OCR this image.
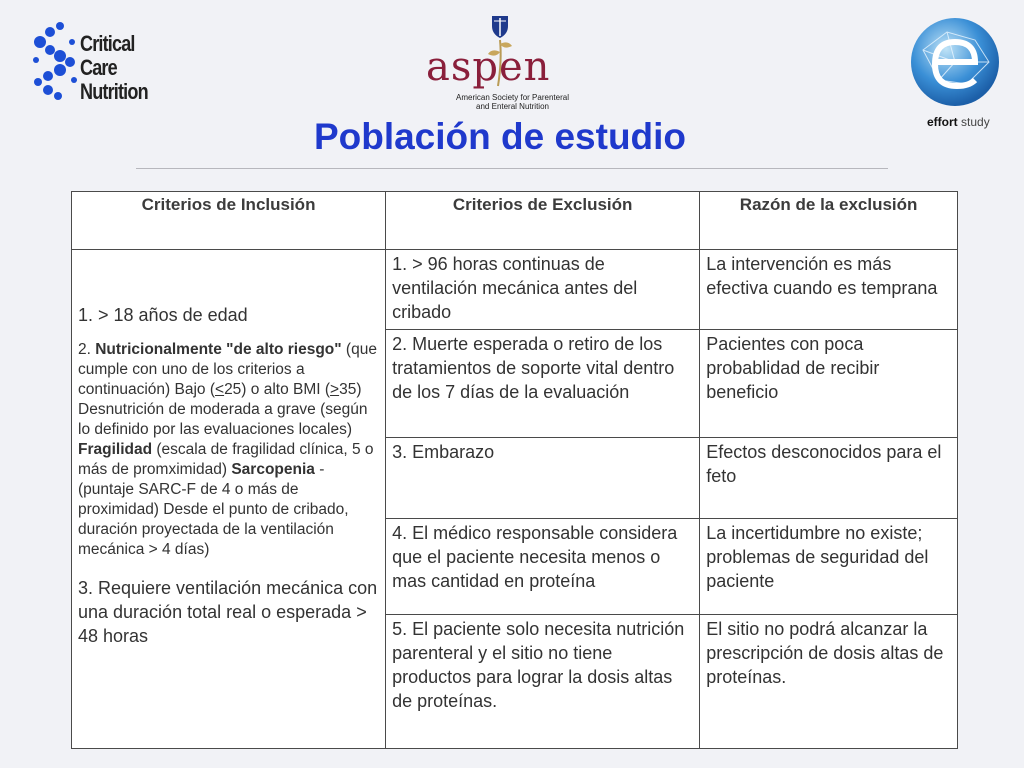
Critical Care
Nutrition
aspen
American Society for Parenteral
and Enteral Nutrition
effort study
Población de estudio
Criterios de Inclusión	Criterios de Exclusión	Razón de la exclusión

1. > 18 años de edad
2. Nutricionalmente "de alto riesgo" (que cumple con uno de los criterios a continuación) Bajo (<25) o alto BMI (>35) Desnutrición de moderada a grave (según lo definido por las evaluaciones locales) Fragilidad (escala de fragilidad clínica, 5 o más de promximidad) Sarcopenia - (puntaje SARC-F de 4 o más de proximidad) Desde el punto de cribado, duración proyectada de la ventilación mecánica > 4 días)
3. Requiere ventilación mecánica con una duración total real o esperada > 48 horas	1. > 96 horas continuas de ventilación mecánica antes del cribado	La intervención es más efectiva cuando es temprana
	2. Muerte esperada o retiro de los tratamientos de soporte vital dentro de los 7 días de la evaluación	Pacientes con poca probablidad de recibir beneficio
	3. Embarazo	Efectos desconocidos para el feto
	4. El médico responsable considera que el paciente necesita menos o mas cantidad en proteína	La incertidumbre no existe; problemas de seguridad del paciente
	5. El paciente solo necesita nutrición parenteral y el sitio no tiene productos para lograr la dosis altas de proteínas.	El sitio no podrá alcanzar la prescripción de dosis altas de proteínas.
